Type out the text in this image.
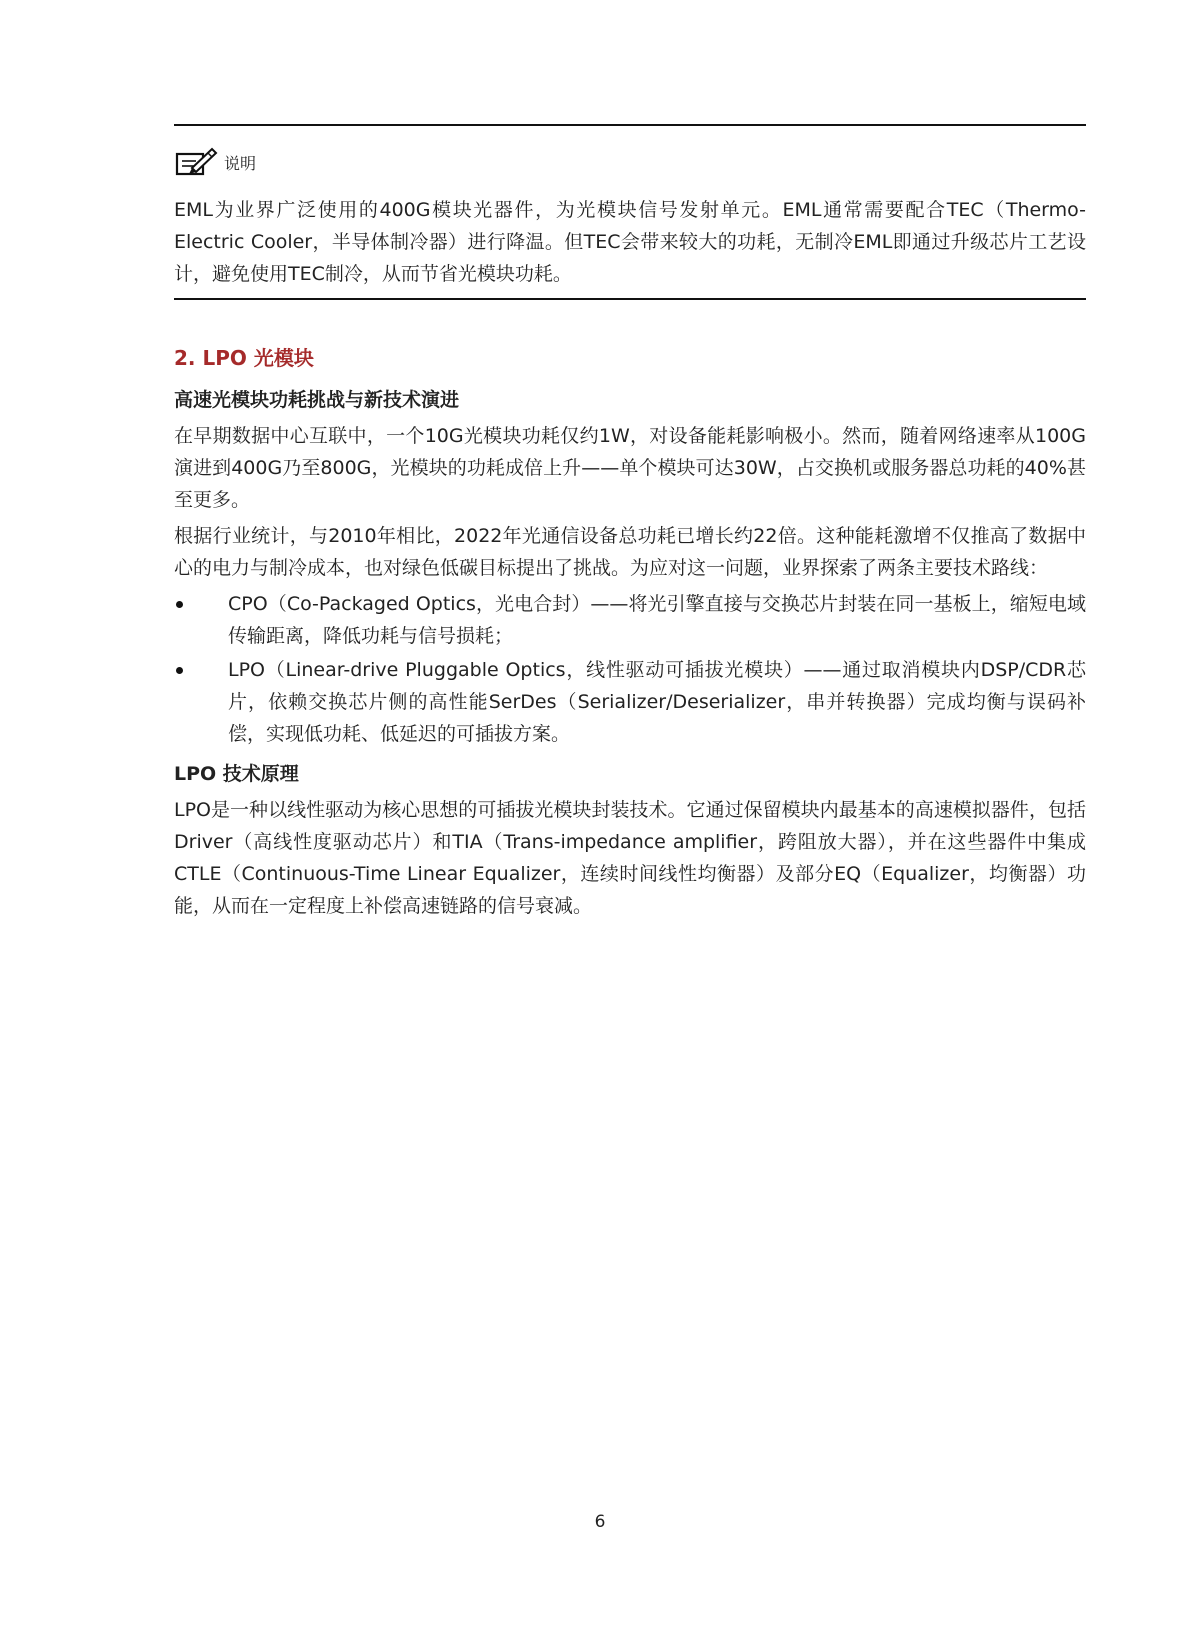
说明

EML为业界广泛使用的400G模块光器件，为光模块信号发射单元。EML通常需要配合TEC（Thermo-Electric Cooler，半导体制冷器）进行降温。但TEC会带来较大的功耗，无制冷EML即通过升级芯片工艺设计，避免使用TEC制冷，从而节省光模块功耗。

2. LPO 光模块
高速光模块功耗挑战与新技术演进

在早期数据中心互联中，一个10G光模块功耗仅约1W，对设备能耗影响极小。然而，随着网络速率从100G演进到400G乃至800G，光模块的功耗成倍上升——单个模块可达30W，占交换机或服务器总功耗的40%甚至更多。

根据行业统计，与2010年相比，2022年光通信设备总功耗已增长约22倍。这种能耗激增不仅推高了数据中心的电力与制冷成本，也对绿色低碳目标提出了挑战。为应对这一问题，业界探索了两条主要技术路线：

CPO（Co-Packaged Optics，光电合封）——将光引擎直接与交换芯片封装在同一基板上，缩短电域传输距离，降低功耗与信号损耗；
LPO（Linear-drive Pluggable Optics，线性驱动可插拔光模块）——通过取消模块内DSP/CDR芯片，依赖交换芯片侧的高性能SerDes（Serializer/Deserializer，串并转换器）完成均衡与误码补偿，实现低功耗、低延迟的可插拔方案。
LPO 技术原理

LPO是一种以线性驱动为核心思想的可插拔光模块封装技术。它通过保留模块内最基本的高速模拟器件，包括Driver（高线性度驱动芯片）和TIA（Trans-impedance amplifier，跨阻放大器），并在这些器件中集成CTLE（Continuous-Time Linear Equalizer，连续时间线性均衡器）及部分EQ（Equalizer，均衡器）功能，从而在一定程度上补偿高速链路的信号衰减。

6
